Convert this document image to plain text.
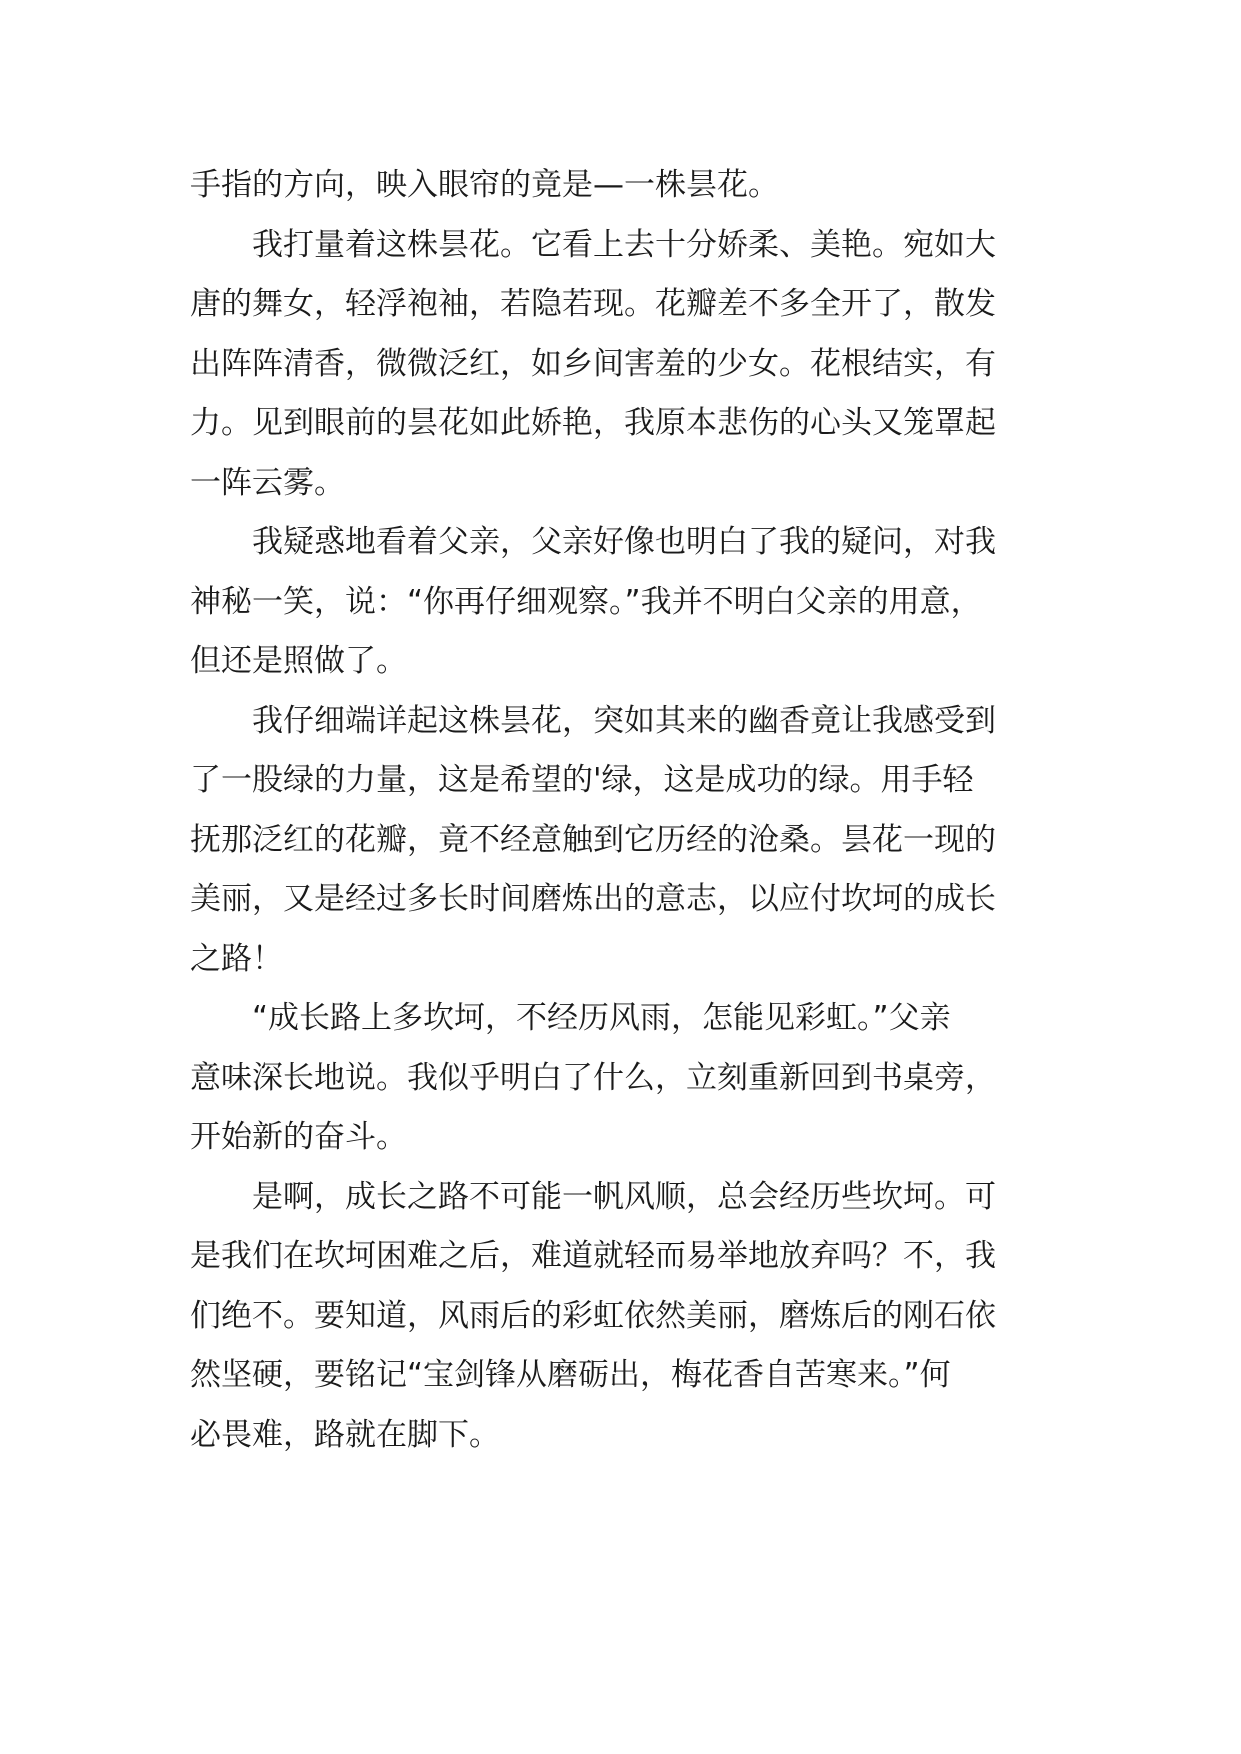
手指的方向，映入眼帘的竟是—一株昙花。
　　我打量着这株昙花。它看上去十分娇柔、美艳。宛如大
唐的舞女，轻浮袍袖，若隐若现。花瓣差不多全开了，散发
出阵阵清香，微微泛红，如乡间害羞的少女。花根结实，有
力。见到眼前的昙花如此娇艳，我原本悲伤的心头又笼罩起
一阵云雾。
　　我疑惑地看着父亲，父亲好像也明白了我的疑问，对我
神秘一笑，说：“你再仔细观察。”我并不明白父亲的用意，
但还是照做了。
　　我仔细端详起这株昙花，突如其来的幽香竟让我感受到
了一股绿的力量，这是希望的'绿，这是成功的绿。用手轻
抚那泛红的花瓣，竟不经意触到它历经的沧桑。昙花一现的
美丽，又是经过多长时间磨炼出的意志，以应付坎坷的成长
之路！
　　“成长路上多坎坷，不经历风雨，怎能见彩虹。”父亲
意味深长地说。我似乎明白了什么，立刻重新回到书桌旁，
开始新的奋斗。
　　是啊，成长之路不可能一帆风顺，总会经历些坎坷。可
是我们在坎坷困难之后，难道就轻而易举地放弃吗？不，我
们绝不。要知道，风雨后的彩虹依然美丽，磨炼后的刚石依
然坚硬，要铭记“宝剑锋从磨砺出，梅花香自苦寒来。”何
必畏难，路就在脚下。
